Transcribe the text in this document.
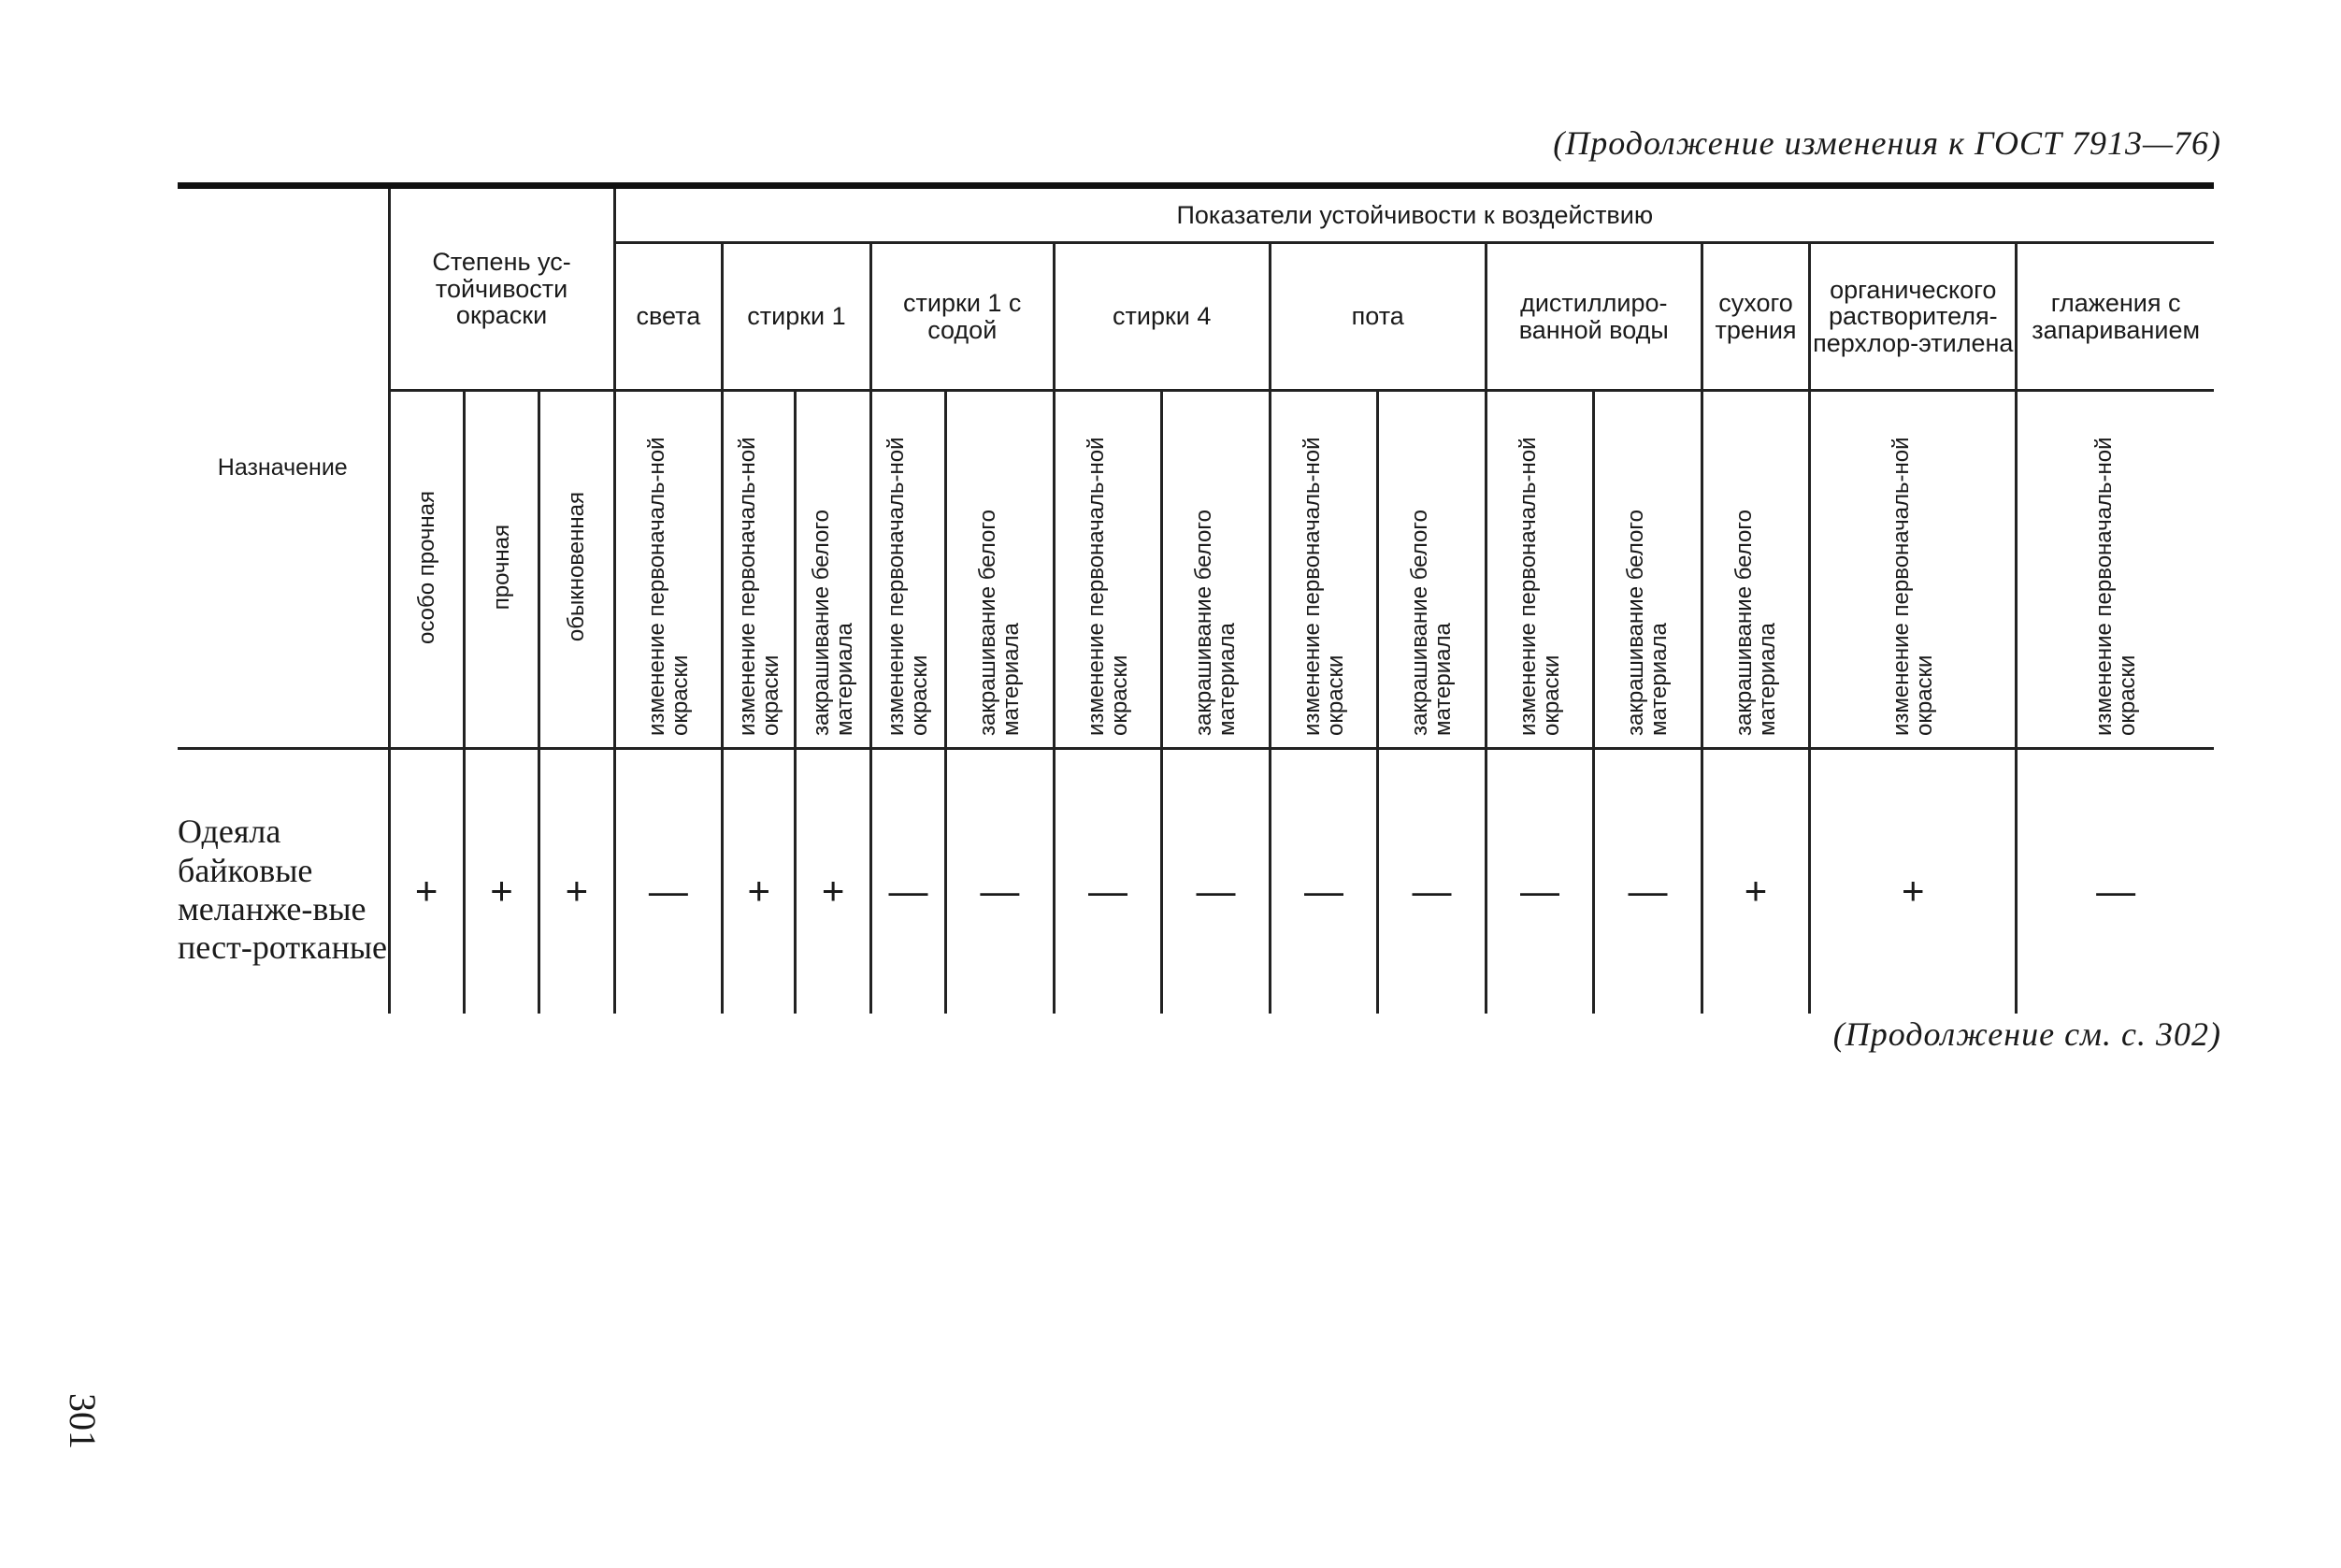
(Продолжение изменения к ГОСТ 7913—76)
Назначение	Степень ус-тойчивости окраски			Показатели устойчивости к воздействию													
				света	стирки 1		стирки 1 с содой		стирки 4		пота		дистиллиро-ванной воды		сухого трения	органического растворителя-перхлор-этилена	глажения с запариванием
	особо прочная	прочная	обыкновенная	изменение первоначаль-ной окраски	изменение первоначаль-ной окраски	закрашивание белого материала	изменение первоначаль-ной окраски	закрашивание белого материала	изменение первоначаль-ной окраски	закрашивание белого материала	изменение первоначаль-ной окраски	закрашивание белого материала	изменение первоначаль-ной окраски	закрашивание белого материала	закрашивание белого материала	изменение первоначаль-ной окраски	изменение первоначаль-ной окраски
Одеяла байковые меланже-вые пест-роткaные	+	+	+	—	+	+	—	—	—	—	—	—	—	—	+	+	—
(Продолжение см. с. 302)
301
